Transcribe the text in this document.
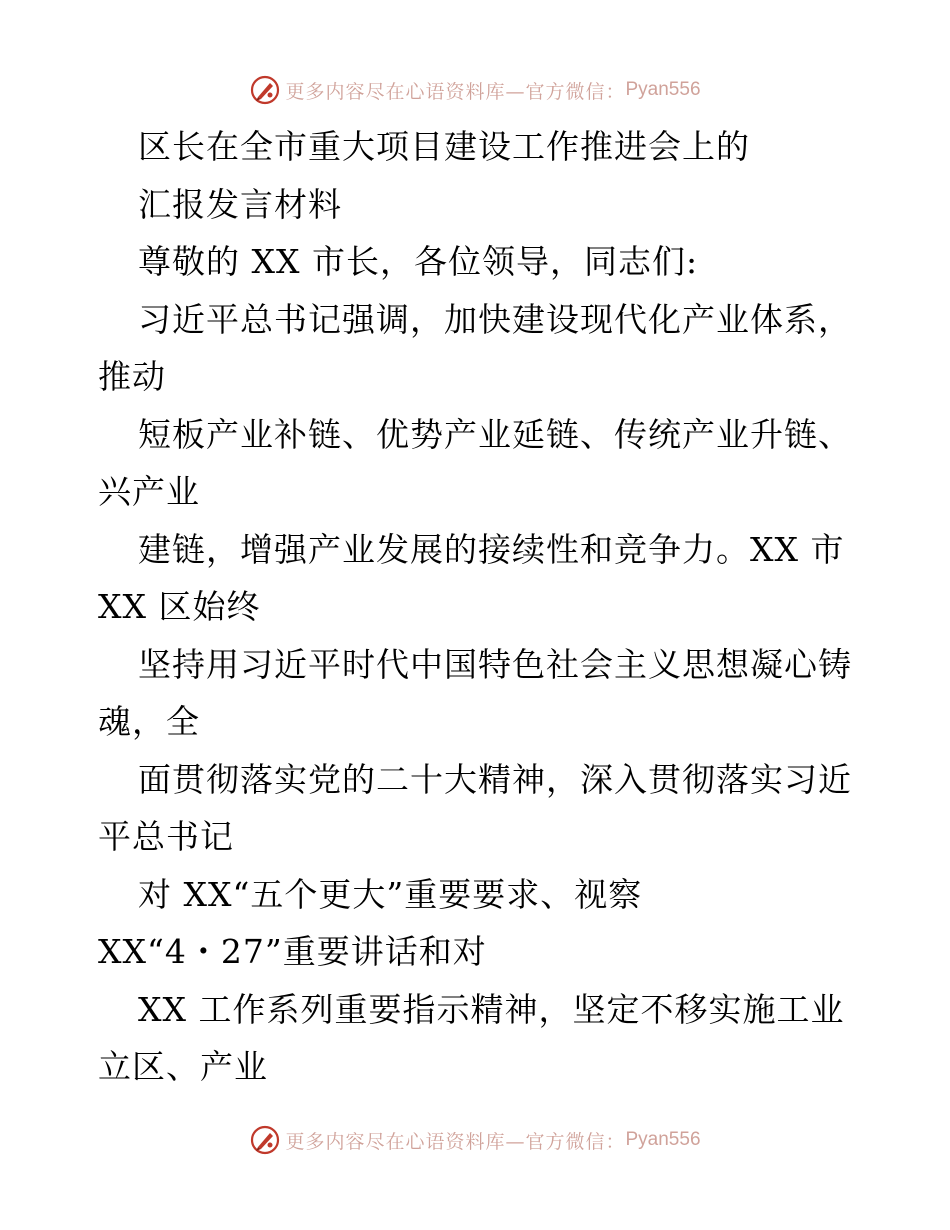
更多内容尽在心语资料库—官方微信： Pyan556
区长在全市重大项目建设工作推进会上的
汇报发言材料
尊敬的 XX 市长，各位领导，同志们:
习近平总书记强调，加快建设现代化产业体系，
推动
短板产业补链、优势产业延链、传统产业升链、
兴产业
建链，增强产业发展的接续性和竞争力。XX 市
XX 区始终
坚持用习近平时代中国特色社会主义思想凝心铸
魂，全
面贯彻落实党的二十大精神，深入贯彻落实习近
平总书记
对 XX“五个更大”重要要求、视察
XX“4・27”重要讲话和对
XX 工作系列重要指示精神，坚定不移实施工业
立区、产业
更多内容尽在心语资料库—官方微信： Pyan556
